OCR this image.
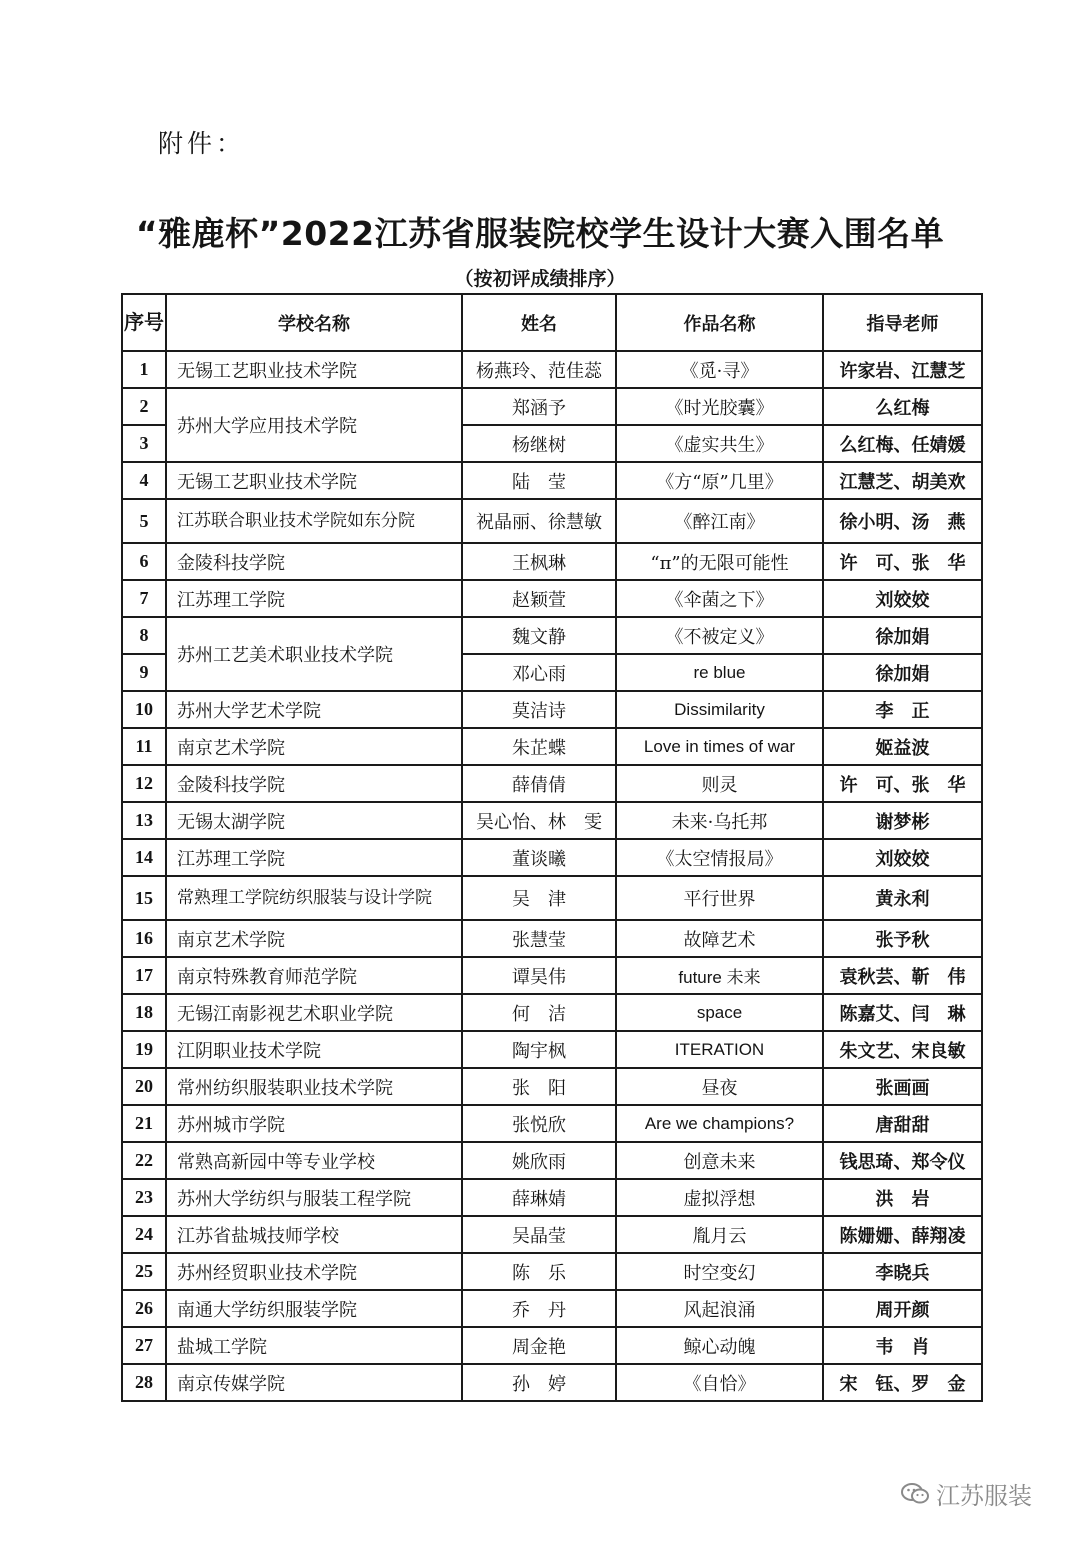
附件：
“雅鹿杯”2022江苏省服装院校学生设计大赛入围名单
（按初评成绩排序）
序号	学校名称	姓名	作品名称	指导老师
1	无锡工艺职业技术学院	杨燕玲、范佳蕊	《觅·寻》	许家岩、江慧芝
2	苏州大学应用技术学院	郑涵予	《时光胶囊》	么红梅
3		杨继树	《虚实共生》	么红梅、任婧媛
4	无锡工艺职业技术学院	陆　莹	《方“原”几里》	江慧芝、胡美欢
5	江苏联合职业技术学院如东分院	祝晶丽、徐慧敏	《醉江南》	徐小明、汤　燕
6	金陵科技学院	王枫琳	“π”的无限可能性	许　可、张　华
7	江苏理工学院	赵颖萱	《伞菌之下》	刘姣姣
8	苏州工艺美术职业技术学院	魏文静	《不被定义》	徐加娟
9		邓心雨	re blue	徐加娟
10	苏州大学艺术学院	莫洁诗	Dissimilarity	李　正
11	南京艺术学院	朱芷蝶	Love in times of war	姬益波
12	金陵科技学院	薛倩倩	则灵	许　可、张　华
13	无锡太湖学院	吴心怡、林　雯	未来·乌托邦	谢梦彬
14	江苏理工学院	董谈曦	《太空情报局》	刘姣姣
15	常熟理工学院纺织服装与设计学院	吴　津	平行世界	黄永利
16	南京艺术学院	张慧莹	故障艺术	张予秋
17	南京特殊教育师范学院	谭昊伟	future 未来	袁秋芸、靳　伟
18	无锡江南影视艺术职业学院	何　洁	space	陈嘉艾、闫　琳
19	江阴职业技术学院	陶宇枫	ITERATION	朱文艺、宋良敏
20	常州纺织服装职业技术学院	张　阳	昼夜	张画画
21	苏州城市学院	张悦欣	Are we champions?	唐甜甜
22	常熟高新园中等专业学校	姚欣雨	创意未来	钱思琦、郑令仪
23	苏州大学纺织与服装工程学院	薛琳婧	虚拟浮想	洪　岩
24	江苏省盐城技师学校	吴晶莹	胤月云	陈姗姗、薛翔凌
25	苏州经贸职业技术学院	陈　乐	时空变幻	李晓兵
26	南通大学纺织服装学院	乔　丹	风起浪涌	周开颜
27	盐城工学院	周金艳	鲸心动魄	韦　肖
28	南京传媒学院	孙　婷	《自恰》	宋　钰、罗　金
江苏服装
